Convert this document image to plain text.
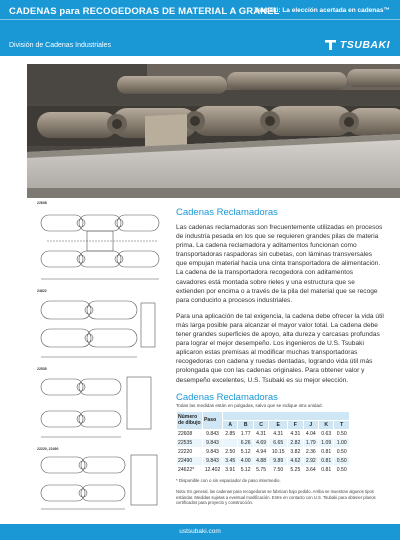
CADENAS para RECOGEDORAS DE MATERIAL A GRANEL
Tsubaki: La elección acertada en cadenas™
División de Cadenas Industriales	TSUBAKI
22608
24622
22535
22220, 22490
Cadenas Reclamadoras

Las cadenas reclamadoras son frecuentemente utilizadas en procesos de industria pesada en los que se requieren grandes pilas de materia prima. La cadena reclamadora y aditamentos funcionan como transportadoras raspadoras sin cubetas, con láminas transversales que empujan material hacia una cinta transportadora de alimentación. La cadena de la transportadora recogedora con aditamentos cavadores está montada sobre rieles y una estructura que se extienden por encima o a través de la pila del material que se recoge para conducirlo a procesos industriales.

Para una aplicación de tal exigencia, la cadena debe ofrecer la vida útil más larga posible para alcanzar el mayor valor total. La cadena debe tener grandes superficies de apoyo, alta dureza y carcasas profundas para lograr el mejor desempeño. Los ingenieros de U.S. Tsubaki aplicaron estas premisas al modificar muchas transportadoras recogedoras con cadena y ruedas dentadas, logrando vida útil más prolongada que con las cadenas originales. Para obtener valor y desempeño excelentes, U.S. Tsubaki es su mejor elección.

Cadenas Reclamadoras
Todas las medidas están en pulgadas, salvo que se indique otra unidad.
Número de dibujo	Paso								
		A	B	C	E	F	J	K	T
22608	9.843	2.85	1.77	4.31	4.31	4.31	4.04	0.63	0.50
22535	9.843		6.26	4.69	6.65	2.82	1.79	1.09	1.00
22220	9.843	2.50	5.12	4.94	10.15	3.82	2.36	0.81	0.50
22490	9.843	3.45	4.00	4.88	9.89	4.62	2.92	0.81	0.50
24622*	12.402	3.91	5.12	5.75	7.50	5.25	3.64	0.81	0.50
* Disponible con o sin espaciador de paso intermedio.
Nota: En general, las cadenas para recogedoras se fabrican bajo pedido. Arriba se muestran algunos tipos estándar. Medidas sujetas a eventual modificación. Entre en contacto con U.S. Tsubaki para obtener planos certificados para proyecto y construcción.
ustsubaki.com
